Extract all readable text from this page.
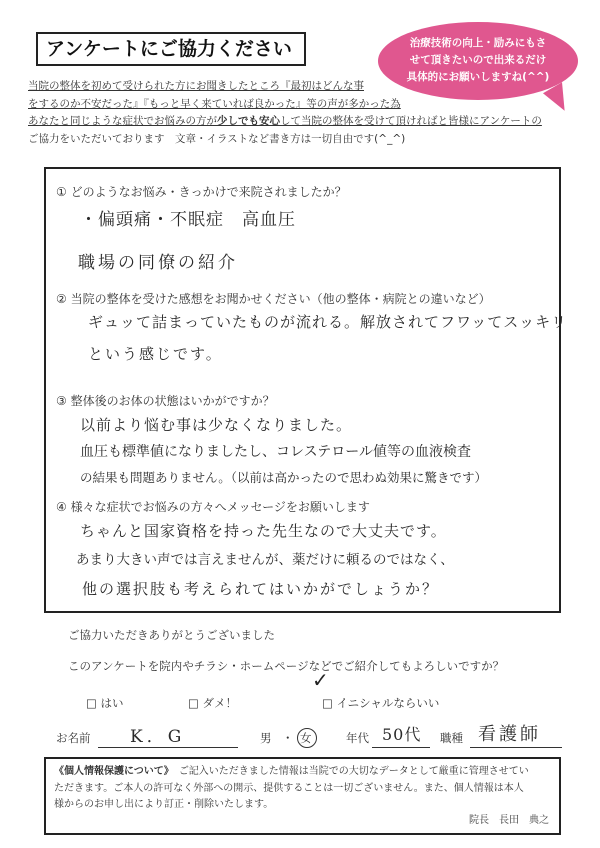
アンケートにご協力ください	治療技術の向上・励みにもさ
せて頂きたいので出来るだけ
具体的にお願いしますね(^^)
当院の整体を初めて受けられた方にお聞きしたところ『最初はどんな事
をするのか不安だった』『もっと早く来ていれば良かった』等の声が多かった為
あなたと同じような症状でお悩みの方が少しでも安心して当院の整体を受けて頂ければと皆様にアンケートの
ご協力をいただいております　文章・イラストなど書き方は一切自由です(^_^)
① どのようなお悩み・きっかけで来院されましたか？
・偏頭痛・不眠症　高血圧
職場の同僚の紹介
② 当院の整体を受けた感想をお聞かせください（他の整体・病院との違いなど）
ギュッて詰まっていたものが流れる。解放されてフワッてスッキリ
という感じです。
③ 整体後のお体の状態はいかがですか？
以前より悩む事は少なくなりました。
血圧も標準値になりましたし、コレステロール値等の血液検査
の結果も問題ありません。（以前は高かったので思わぬ効果に驚きです）
④ 様々な症状でお悩みの方々へメッセージをお願いします
ちゃんと国家資格を持った先生なので大丈夫です。
あまり大きい声では言えませんが、薬だけに頼るのではなく、
他の選択肢も考えられてはいかがでしょうか？
ご協力いただきありがとうございました
このアンケートを院内やチラシ・ホームページなどでご紹介してもよろしいですか？
□ はい	□ ダメ！	□ イニシャルならいい
✓
お名前 K．G	男 ・ 女	年代 50代 職種 看護師
《個人情報保護について》　 ご記入いただきました情報は当院での大切なデータとして厳重に管理させてい
ただきます。ご本人の許可なく外部への開示、提供することは一切ございません。また、個人情報は本人
様からのお申し出により訂正・削除いたします。
院長　長田　典之
